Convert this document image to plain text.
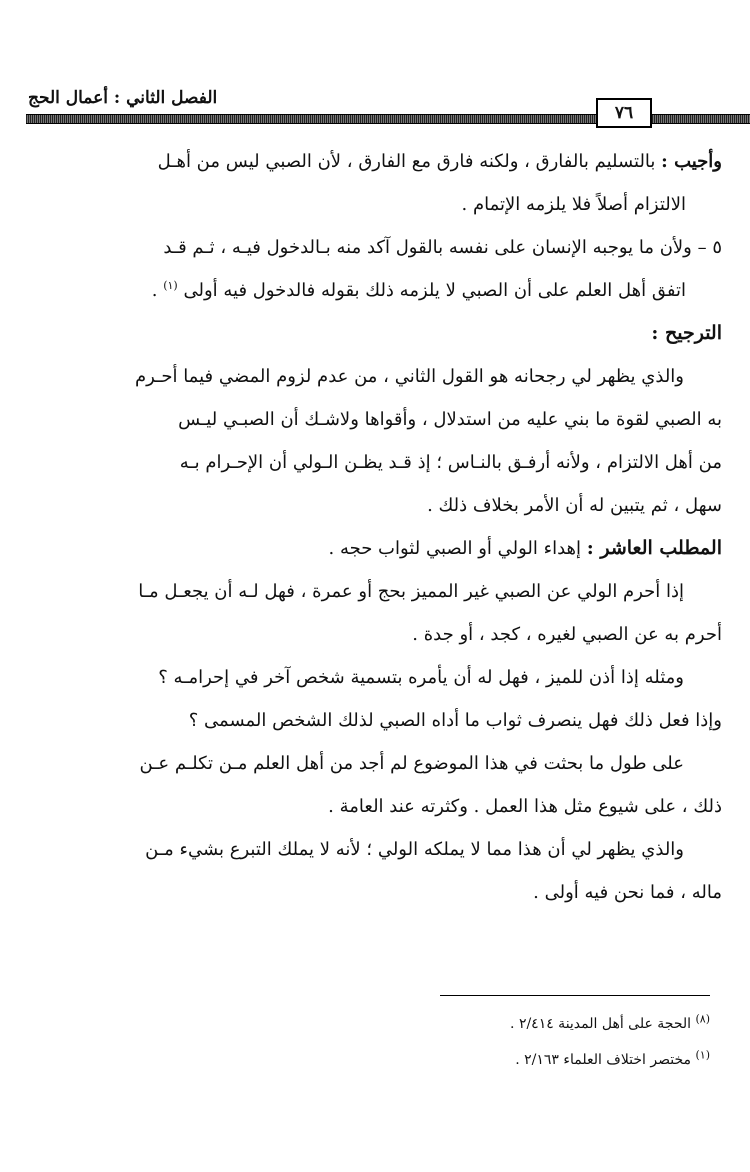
الفصل الثاني : أعمال الحج
٧٦

وأجيب : بالتسليم بالفارق ، ولكنه فارق مع الفارق ، لأن الصبي ليس من أهـل

الالتزام أصلاً فلا يلزمه الإتمام .

٥ – ولأن ما يوجبه الإنسان على نفسه بالقول آكد منه بـالدخول فيـه ، ثـم قـد

اتفق أهل العلم على أن الصبي لا يلزمه ذلك بقوله فالدخول فيه أولى $^{(١)}$ .

الترجيح :

والذي يظهر لي رجحانه هو القول الثاني ، من عدم لزوم المضي فيما أحـرم

به الصبي لقوة ما بني عليه من استدلال ، وأقواها ولاشـك أن الصبـي ليـس

من أهل الالتزام ، ولأنه أرفـق بالنـاس ؛ إذ قـد يظـن الـولي أن الإحـرام بـه

سهل ، ثم يتبين له أن الأمر بخلاف ذلك .

المطلب العاشر : إهداء الولي أو الصبي لثواب حجه .

إذا أحرم الولي عن الصبي غير المميز بحج أو عمرة ، فهل لـه أن يجعـل مـا

أحرم به عن الصبي لغيره ، كجد ، أو جدة .

ومثله إذا أذن للميز ، فهل له أن يأمره بتسمية شخص آخر في إحرامـه ؟

وإذا فعل ذلك فهل ينصرف ثواب ما أداه الصبي لذلك الشخص المسمى ؟

على طول ما بحثت في هذا الموضوع لم أجد من أهل العلم مـن تكلـم عـن

ذلك ، على شيوع مثل هذا العمل . وكثرته عند العامة .

والذي يظهر لي أن هذا مما لا يملكه الولي ؛ لأنه لا يملك التبرع بشيء مـن

ماله ، فما نحن فيه أولى .

$^{(٨)}$ الحجة على أهل المدينة ٢/٤١٤ .
$^{(١)}$ مختصر اختلاف العلماء ٢/١٦٣ .
